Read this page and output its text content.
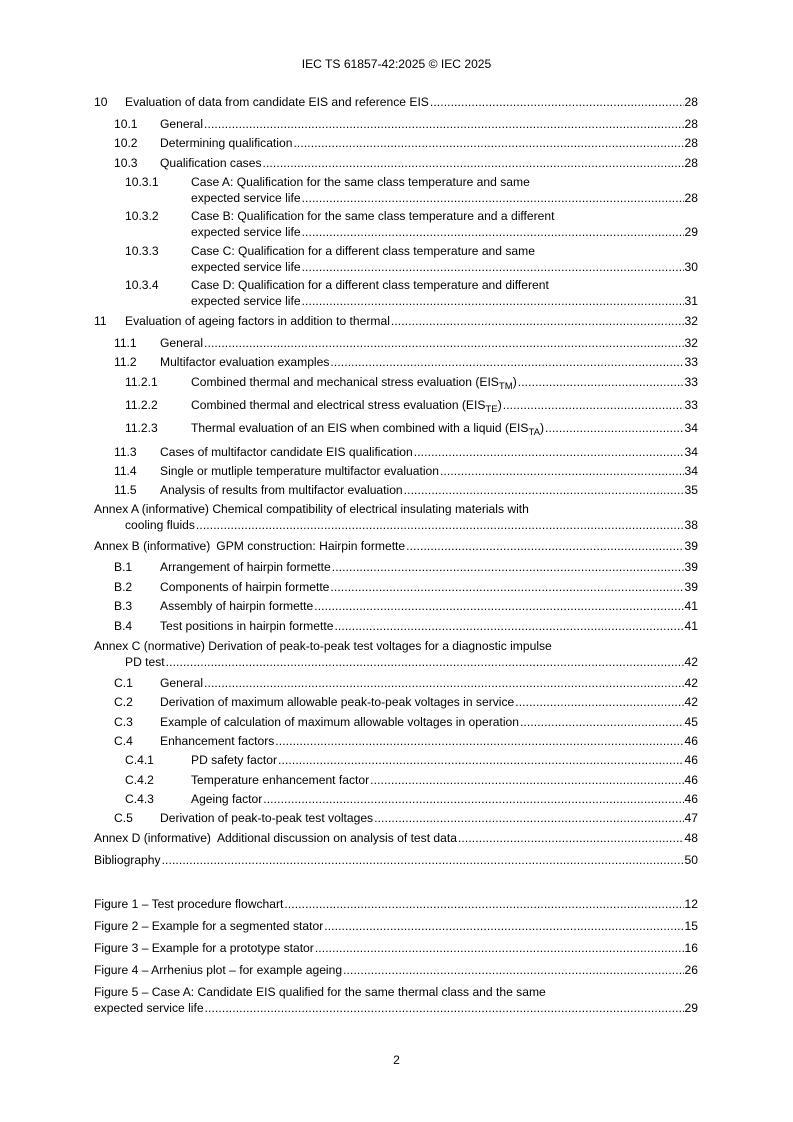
IEC TS 61857-42:2025 © IEC 2025
10 Evaluation of data from candidate EIS and reference EIS .....	28
10.1 General .....	28
10.2 Determining qualification .....	28
10.3 Qualification cases .....	28
10.3.1	Case A: Qualification for the same class temperature and same
expected service life .....	28
10.3.2	Case B: Qualification for the same class temperature and a different
expected service life .....	29
10.3.3	Case C: Qualification for a different class temperature and same
expected service life .....	30
10.3.4	Case D: Qualification for a different class temperature and different
expected service life .....	31
11 Evaluation of ageing factors in addition to thermal .....	32
11.1 General .....	32
11.2 Multifactor evaluation examples .....	33
11.2.1	Combined thermal and mechanical stress evaluation $(EIS_{TM})$ .....	33
11.2.2	Combined thermal and electrical stress evaluation $(EIS_{TE})$ .....	33
11.2.3	Thermal evaluation of an EIS when combined with a liquid $(EIS_{TA})$ .....	34
11.3 Cases of multifactor candidate EIS qualification .....	34
11.4 Single or mutliple temperature multifactor evaluation .....	34
11.5 Analysis of results from multifactor evaluation .....	35
Annex A (informative) Chemical compatibility of electrical insulating materials with
cooling fluids .....	38
Annex B (informative) GPM construction: Hairpin formette .....	39
B.1 Arrangement of hairpin formette .....	39
B.2 Components of hairpin formette .....	39
B.3 Assembly of hairpin formette .....	41
B.4 Test positions in hairpin formette .....	41
Annex C (normative) Derivation of peak-to-peak test voltages for a diagnostic impulse
PD test .....	42
C.1 General .....	42
C.2 Derivation of maximum allowable peak-to-peak voltages in service .....	42
C.3 Example of calculation of maximum allowable voltages in operation .....	45
C.4 Enhancement factors .....	46
C.4.1	PD safety factor .....	46
C.4.2	Temperature enhancement factor .....	46
C.4.3	Ageing factor .....	46
C.5 Derivation of peak-to-peak test voltages .....	47
Annex D (informative) Additional discussion on analysis of test data .....	48
Bibliography .....	50
Figure 1 – Test procedure flowchart .....	12
Figure 2 – Example for a segmented stator .....	15
Figure 3 – Example for a prototype stator .....	16
Figure 4 – Arrhenius plot – for example ageing .....	26
Figure 5 – Case A: Candidate EIS qualified for the same thermal class and the same
expected service life .....	29
2
